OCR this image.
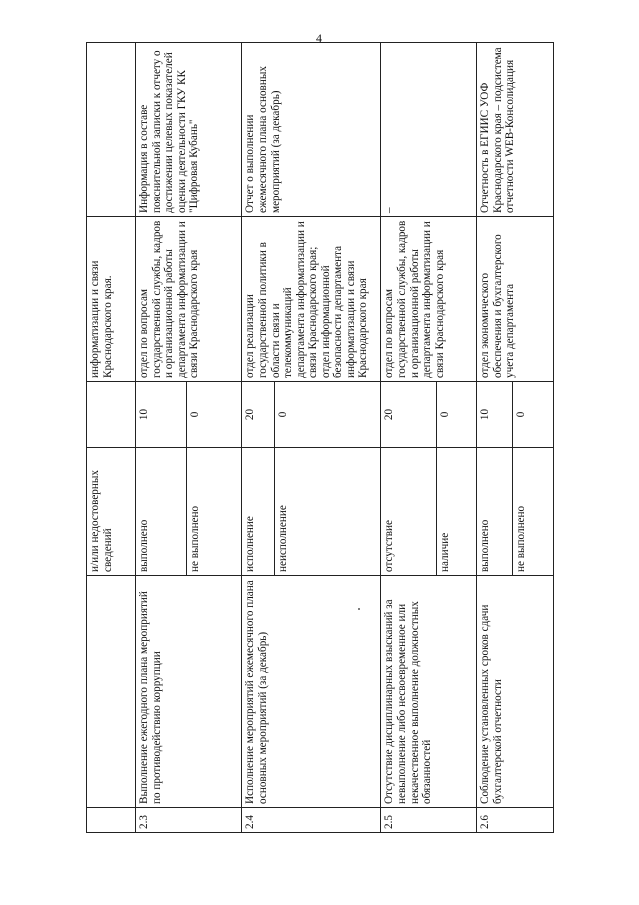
4
		и/или недостоверных сведений		информатизации и связи Краснодарского края.	
2.3	Выполнение ежегодного плана мероприятий по противодействию коррупции	выполнено	10	отдел по вопросам государственной службы, кадров и организационной работы департамента информатизации и связи Краснодарского края	Информация в составе пояснительной записки к отчету о достижении целевых показателей оценки деятельности ГКУ КК "Цифровая Кубань"
		не выполнено	0		
2.4	Исполнение мероприятий ежемесячного плана основных мероприятий (за декабрь)	исполнение	20	отдел реализации государственной политики в области связи и телекоммуникаций департамента информатизации и связи Краснодарского края; отдел информационной безопасности департамента информатизации и связи Краснодарского края	Отчет о выполнении ежемесячного плана основных мероприятий (за декабрь)
		неисполнение	0		
2.5	Отсутствие дисциплинарных взысканий за невыполнение либо несвоевременное или некачественное выполнение должностных обязанностей	отсутствие	20	отдел по вопросам государственной службы, кадров и организационной работы департамента информатизации и связи Краснодарского края	–
		наличие	0		
2.6	Соблюдение установленных сроков сдачи бухгалтерской отчетности	выполнено	10	отдел экономического обеспечения и бухгалтерского учета департамента	Отчетность в ЕГИИС УОФ Краснодарского края – подсистема отчетности WEB-Консолидация
		не выполнено	0		
